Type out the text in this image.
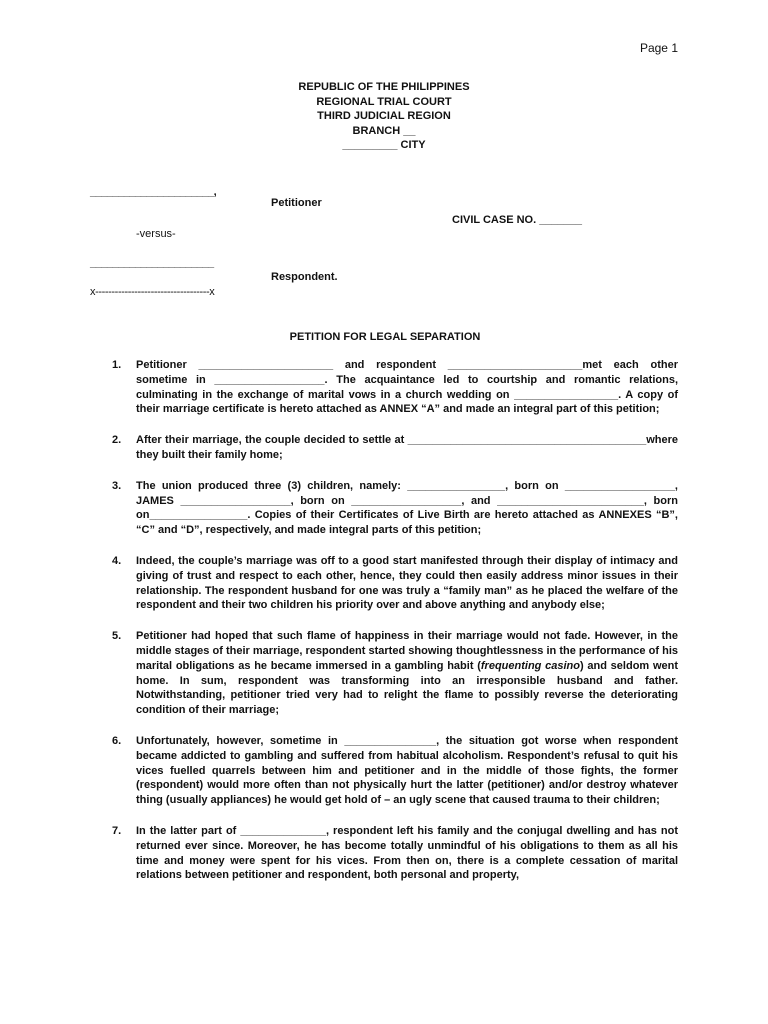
Page 1
REPUBLIC OF THE PHILIPPINES
REGIONAL TRIAL COURT
THIRD JUDICIAL REGION
BRANCH __
_________ CITY
______________________,
Petitioner
CIVIL CASE NO. _______
-versus-
______________________
Respondent.
x-----------------------------------x
PETITION FOR LEGAL SEPARATION
1. Petitioner ______________________ and respondent ______________________met each other sometime in __________________. The acquaintance led to courtship and romantic relations, culminating in the exchange of marital vows in a church wedding on _________________. A copy of their marriage certificate is hereto attached as ANNEX “A” and made an integral part of this petition;
2. After their marriage, the couple decided to settle at _______________________________________where they built their family home;
3. The union produced three (3) children, namely: ________________, born on __________________, JAMES __________________, born on __________________, and ________________________, born on________________. Copies of their Certificates of Live Birth are hereto attached as ANNEXES “B”, “C” and “D”, respectively, and made integral parts of this petition;
4. Indeed, the couple’s marriage was off to a good start manifested through their display of intimacy and giving of trust and respect to each other, hence, they could then easily address minor issues in their relationship. The respondent husband for one was truly a “family man” as he placed the welfare of the respondent and their two children his priority over and above anything and anybody else;
5. Petitioner had hoped that such flame of happiness in their marriage would not fade. However, in the middle stages of their marriage, respondent started showing thoughtlessness in the performance of his marital obligations as he became immersed in a gambling habit (frequenting casino) and seldom went home. In sum, respondent was transforming into an irresponsible husband and father. Notwithstanding, petitioner tried very had to relight the flame to possibly reverse the deteriorating condition of their marriage;
6. Unfortunately, however, sometime in _______________, the situation got worse when respondent became addicted to gambling and suffered from habitual alcoholism. Respondent’s refusal to quit his vices fuelled quarrels between him and petitioner and in the middle of those fights, the former (respondent) would more often than not physically hurt the latter (petitioner) and/or destroy whatever thing (usually appliances) he would get hold of – an ugly scene that caused trauma to their children;
7. In the latter part of ______________, respondent left his family and the conjugal dwelling and has not returned ever since. Moreover, he has become totally unmindful of his obligations to them as all his time and money were spent for his vices. From then on, there is a complete cessation of marital relations between petitioner and respondent, both personal and property,
